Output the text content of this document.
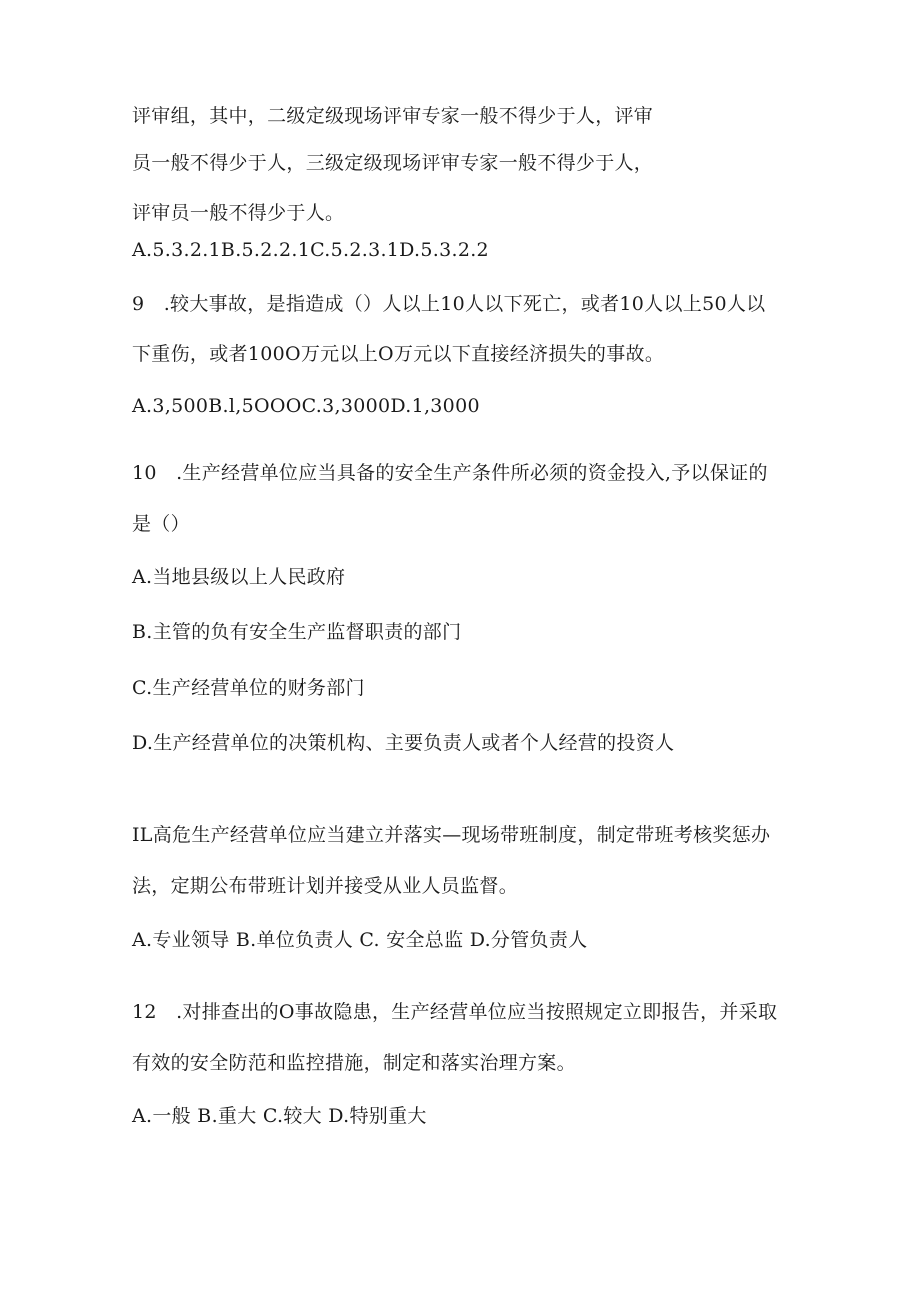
评审组，其中，二级定级现场评审专家一般不得少于人，评审
员一般不得少于人，三级定级现场评审专家一般不得少于人，
评审员一般不得少于人。
A.5.3.2.1B.5.2.2.1C.5.2.3.1D.5.3.2.2
9　.较大事故，是指造成（）人以上10人以下死亡，或者10人以上50人以
下重伤，或者100O万元以上O万元以下直接经济损失的事故。
A.3,500B.l,5OOOC.3,3000D.1,3000
10　.生产经营单位应当具备的安全生产条件所必须的资金投入,予以保证的
是（）
A.当地县级以上人民政府
B.主管的负有安全生产监督职责的部门
C.生产经营单位的财务部门
D.生产经营单位的决策机构、主要负责人或者个人经营的投资人
IL高危生产经营单位应当建立并落实—现场带班制度，制定带班考核奖惩办
法，定期公布带班计划并接受从业人员监督。
A.专业领导 B.单位负责人 C. 安全总监 D.分管负责人
12　.对排查出的O事故隐患，生产经营单位应当按照规定立即报告，并采取
有效的安全防范和监控措施，制定和落实治理方案。
A.一般 B.重大 C.较大 D.特别重大
